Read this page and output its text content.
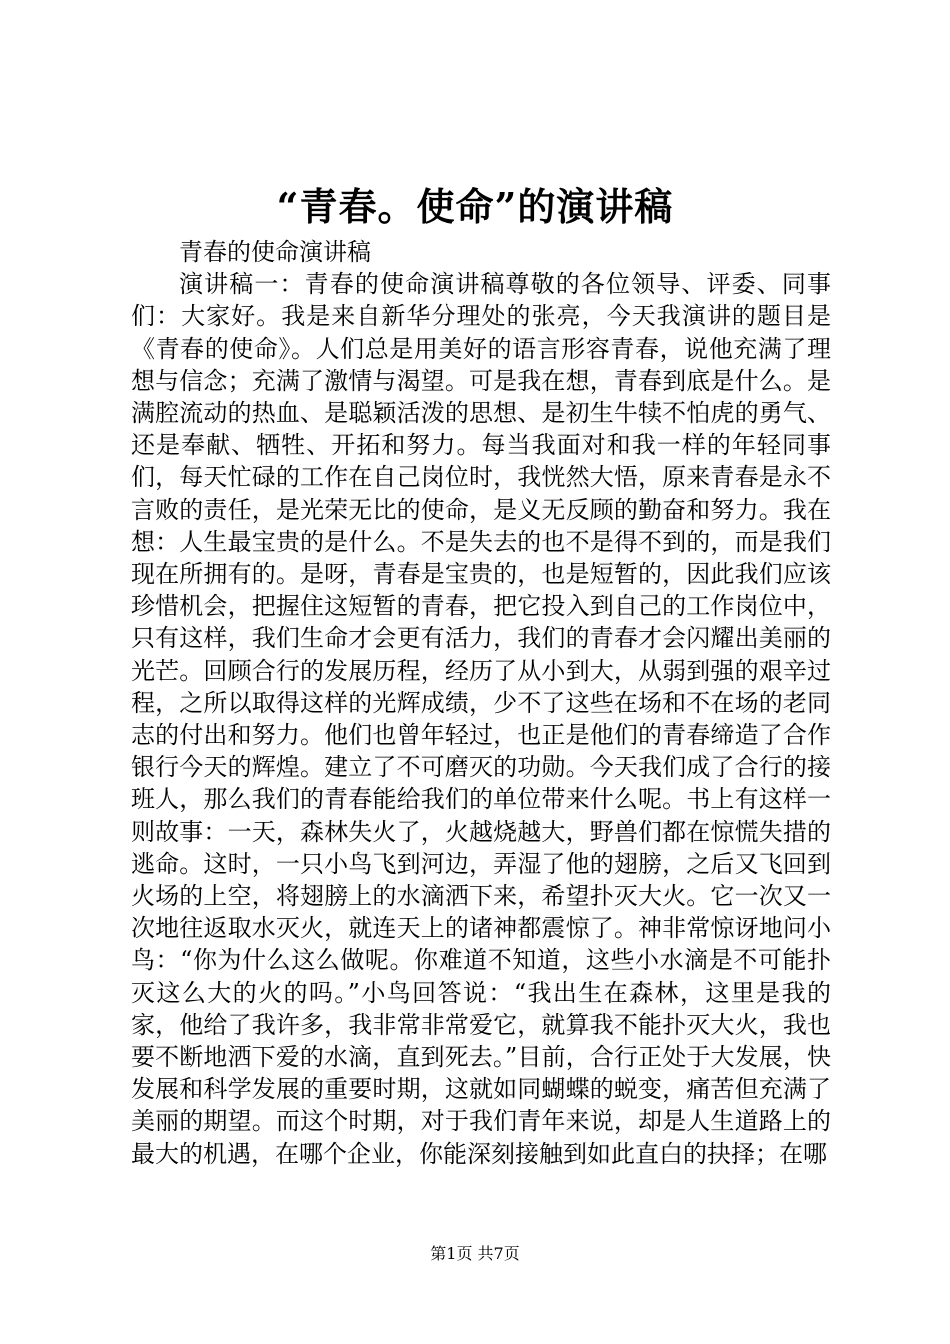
“青春。使命”的演讲稿

青春的使命演讲稿

演讲稿一：青春的使命演讲稿尊敬的各位领导、评委、同事们：大家好。我是来自新华分理处的张亮，今天我演讲的题目是《青春的使命》。人们总是用美好的语言形容青春，说他充满了理想与信念；充满了激情与渴望。可是我在想，青春到底是什么。是满腔流动的热血、是聪颖活泼的思想、是初生牛犊不怕虎的勇气、还是奉献、牺牲、开拓和努力。每当我面对和我一样的年轻同事们，每天忙碌的工作在自己岗位时，我恍然大悟，原来青春是永不言败的责任，是光荣无比的使命，是义无反顾的勤奋和努力。我在想：人生最宝贵的是什么。不是失去的也不是得不到的，而是我们现在所拥有的。是呀，青春是宝贵的，也是短暂的，因此我们应该珍惜机会，把握住这短暂的青春，把它投入到自己的工作岗位中，只有这样，我们生命才会更有活力，我们的青春才会闪耀出美丽的光芒。回顾合行的发展历程，经历了从小到大，从弱到强的艰辛过程，之所以取得这样的光辉成绩，少不了这些在场和不在场的老同志的付出和努力。他们也曾年轻过，也正是他们的青春缔造了合作银行今天的辉煌。建立了不可磨灭的功勋。今天我们成了合行的接班人，那么我们的青春能给我们的单位带来什么呢。书上有这样一则故事：一天，森林失火了，火越烧越大，野兽们都在惊慌失措的逃命。这时，一只小鸟飞到河边，弄湿了他的翅膀，之后又飞回到火场的上空，将翅膀上的水滴洒下来，希望扑灭大火。它一次又一次地往返取水灭火，就连天上的诸神都震惊了。神非常惊讶地问小鸟：“你为什么这么做呢。你难道不知道，这些小水滴是不可能扑灭这么大的火的吗。”小鸟回答说：“我出生在森林，这里是我的家，他给了我许多，我非常非常爱它，就算我不能扑灭大火，我也要不断地洒下爱的水滴，直到死去。”目前，合行正处于大发展，快发展和科学发展的重要时期，这就如同蝴蝶的蜕变，痛苦但充满了美丽的期望。而这个时期，对于我们青年来说，却是人生道路上的最大的机遇，在哪个企业，你能深刻接触到如此直白的抉择；在哪

第1页 共7页
